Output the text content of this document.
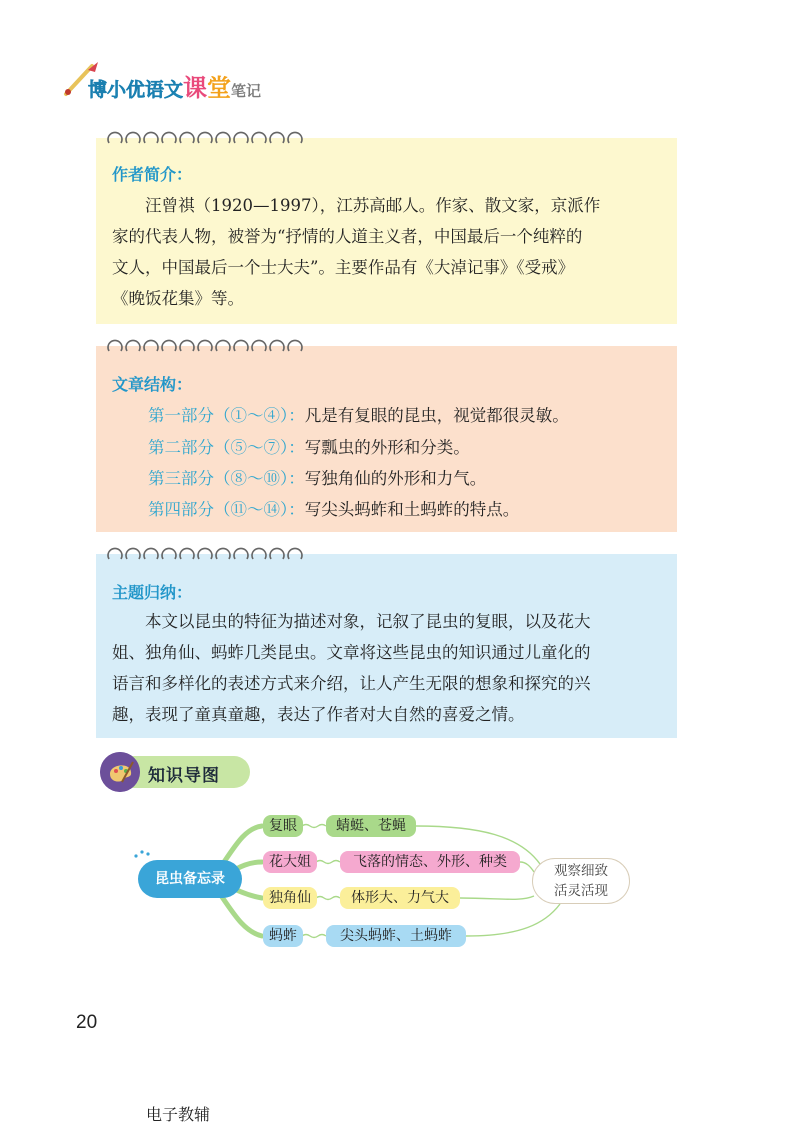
博小优语文课堂笔记
作者简介：
汪曾祺（1920—1997），江苏高邮人。作家、散文家，京派作
家的代表人物，被誉为“抒情的人道主义者，中国最后一个纯粹的
文人，中国最后一个士大夫”。主要作品有《大淖记事》《受戒》
《晚饭花集》等。
文章结构：
第一部分（①～④）：凡是有复眼的昆虫，视觉都很灵敏。
第二部分（⑤～⑦）：写瓢虫的外形和分类。
第三部分（⑧～⑩）：写独角仙的外形和力气。
第四部分（⑪～⑭）：写尖头蚂蚱和土蚂蚱的特点。
主题归纳：
本文以昆虫的特征为描述对象，记叙了昆虫的复眼，以及花大
姐、独角仙、蚂蚱几类昆虫。文章将这些昆虫的知识通过儿童化的
语言和多样化的表述方式来介绍，让人产生无限的想象和探究的兴
趣，表现了童真童趣，表达了作者对大自然的喜爱之情。
知识导图
昆虫备忘录
复眼	蜻蜓、苍蝇
花大姐	飞落的情态、外形、种类
独角仙	体形大、力气大
蚂蚱	尖头蚂蚱、土蚂蚱
观察细致
活灵活现
20
电子教辅
